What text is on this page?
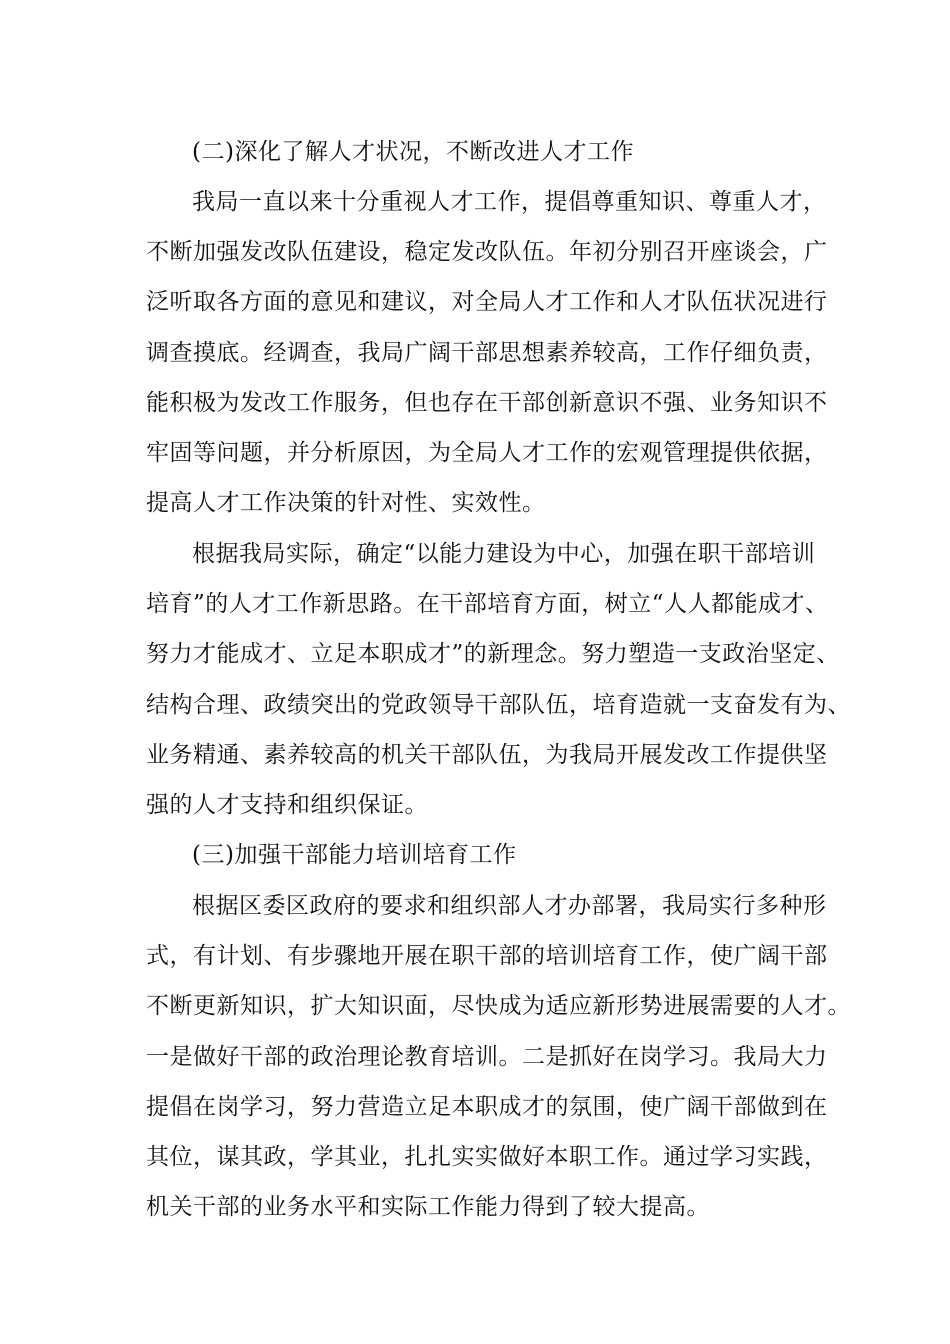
(二)深化了解人才状况，不断改进人才工作
我局一直以来十分重视人才工作，提倡尊重知识、尊重人才，
不断加强发改队伍建设，稳定发改队伍。年初分别召开座谈会，广
泛听取各方面的意见和建议，对全局人才工作和人才队伍状况进行
调查摸底。经调查，我局广阔干部思想素养较高，工作仔细负责，
能积极为发改工作服务，但也存在干部创新意识不强、业务知识不
牢固等问题，并分析原因，为全局人才工作的宏观管理提供依据，
提高人才工作决策的针对性、实效性。
根据我局实际，确定“以能力建设为中心，加强在职干部培训
培育”的人才工作新思路。在干部培育方面，树立“人人都能成才、
努力才能成才、立足本职成才”的新理念。努力塑造一支政治坚定、
结构合理、政绩突出的党政领导干部队伍，培育造就一支奋发有为、
业务精通、素养较高的机关干部队伍，为我局开展发改工作提供坚
强的人才支持和组织保证。
(三)加强干部能力培训培育工作
根据区委区政府的要求和组织部人才办部署，我局实行多种形
式，有计划、有步骤地开展在职干部的培训培育工作，使广阔干部
不断更新知识，扩大知识面，尽快成为适应新形势进展需要的人才。
一是做好干部的政治理论教育培训。二是抓好在岗学习。我局大力
提倡在岗学习，努力营造立足本职成才的氛围，使广阔干部做到在
其位，谋其政，学其业，扎扎实实做好本职工作。通过学习实践，
机关干部的业务水平和实际工作能力得到了较大提高。
